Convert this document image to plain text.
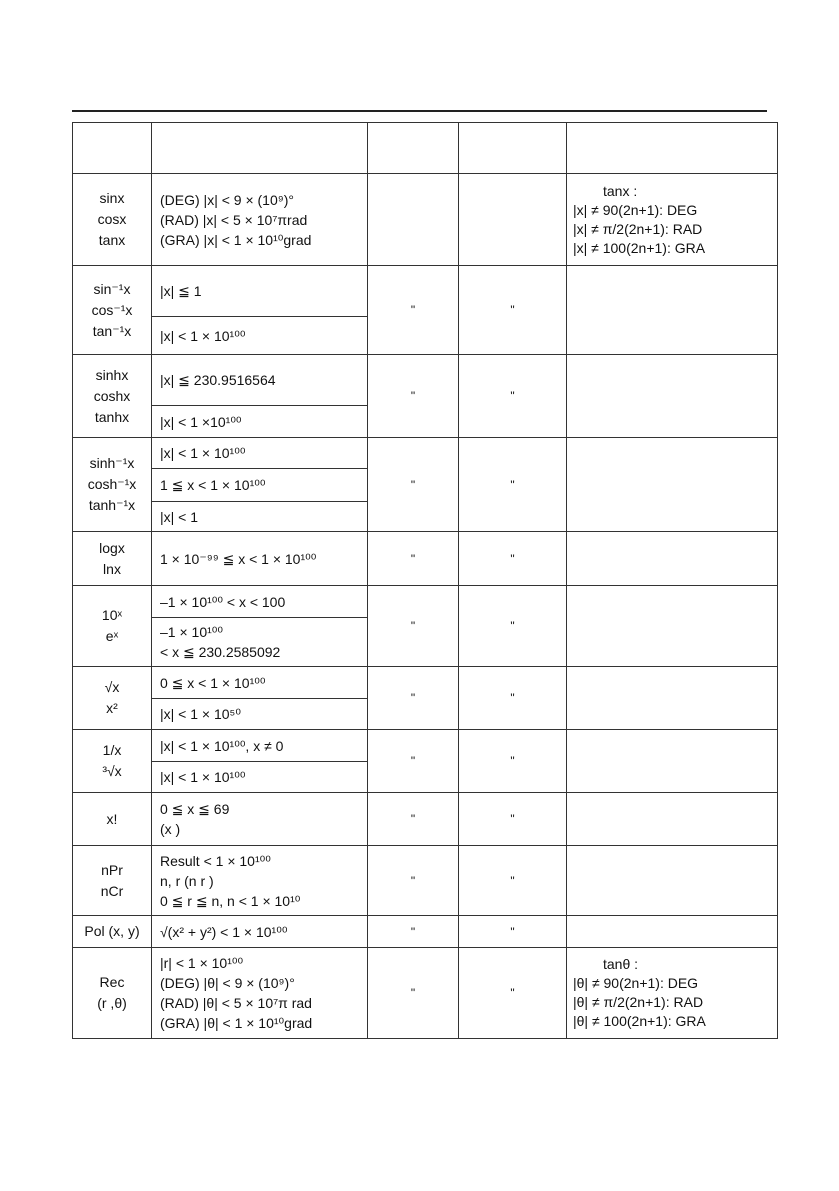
sinx
cosx
tanx	(DEG) |x| < 9 × (10⁹)°
(RAD) |x| < 5 × 10⁷πrad
(GRA) |x| < 1 × 10¹⁰grad			tanx :
|x| ≠ 90(2n+1): DEG
|x| ≠ π/2(2n+1): RAD
|x| ≠ 100(2n+1): GRA

sin⁻¹x
cos⁻¹x
tan⁻¹x	|x| ≦ 1	"	"	

	|x| < 1 × 10¹⁰⁰			

sinhx
coshx
tanhx	|x| ≦ 230.9516564	"	"	

	|x| < 1 ×10¹⁰⁰			

sinh⁻¹x
cosh⁻¹x
tanh⁻¹x	|x| < 1 × 10¹⁰⁰	"	"	

	1 ≦ x < 1 × 10¹⁰⁰			

	|x| < 1			

logx
lnx	1 × 10⁻⁹⁹ ≦ x < 1 × 10¹⁰⁰	"	"	

10ˣ
eˣ	–1 × 10¹⁰⁰ < x < 100	"	"	

	–1 × 10¹⁰⁰
< x ≦ 230.2585092			

√x
x²	0 ≦ x < 1 × 10¹⁰⁰	"	"	

	|x| < 1 × 10⁵⁰			

1/x
³√x	|x| < 1 × 10¹⁰⁰, x ≠ 0	"	"	

	|x| < 1 × 10¹⁰⁰			

x!	0 ≦ x ≦ 69
(x )	"	"	

nPr
nCr	Result < 1 × 10¹⁰⁰
n, r (n r )
0 ≦ r ≦ n, n < 1 × 10¹⁰	"	"	

Pol (x, y)	√(x² + y²) < 1 × 10¹⁰⁰	"	"	

Rec
(r ,θ)	|r| < 1 × 10¹⁰⁰
(DEG) |θ| < 9 × (10⁹)°
(RAD) |θ| < 5 × 10⁷π rad
(GRA) |θ| < 1 × 10¹⁰grad	"	"	tanθ :
|θ| ≠ 90(2n+1): DEG
|θ| ≠ π/2(2n+1): RAD
|θ| ≠ 100(2n+1): GRA
